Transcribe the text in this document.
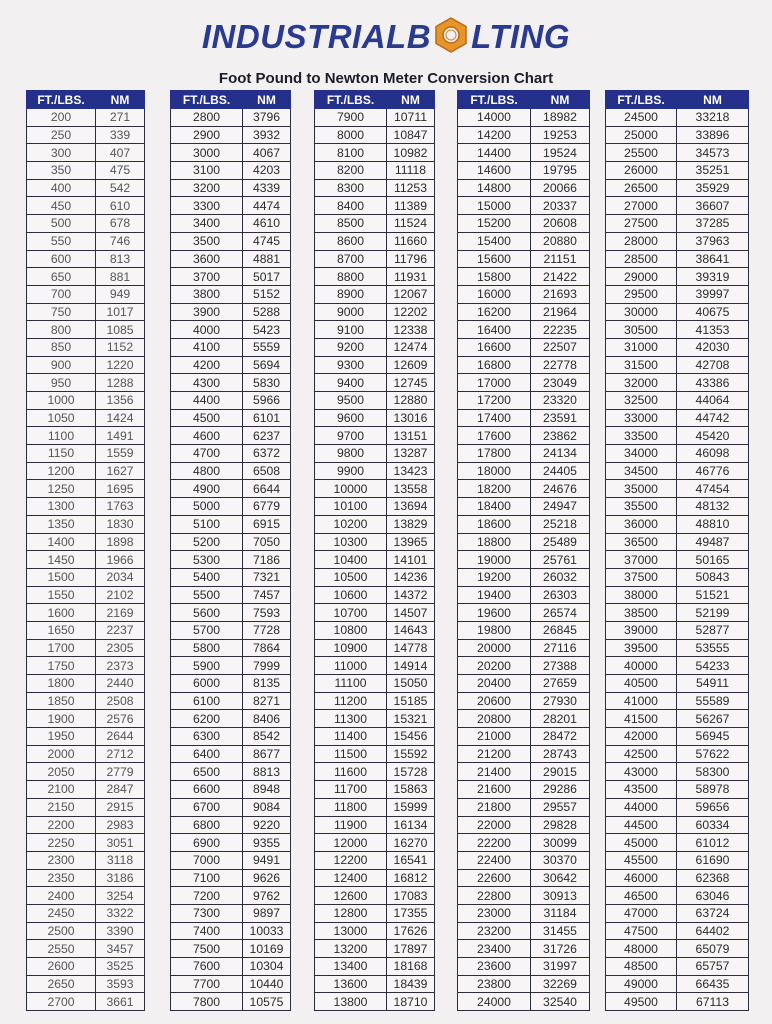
INDUSTRIAL B LTING
Foot Pound to Newton Meter Conversion Chart
FT./LBS.	NM
200	271
250	339
300	407
350	475
400	542
450	610
500	678
550	746
600	813
650	881
700	949
750	1017
800	1085
850	1152
900	1220
950	1288
1000	1356
1050	1424
1100	1491
1150	1559
1200	1627
1250	1695
1300	1763
1350	1830
1400	1898
1450	1966
1500	2034
1550	2102
1600	2169
1650	2237
1700	2305
1750	2373
1800	2440
1850	2508
1900	2576
1950	2644
2000	2712
2050	2779
2100	2847
2150	2915
2200	2983
2250	3051
2300	3118
2350	3186
2400	3254
2450	3322
2500	3390
2550	3457
2600	3525
2650	3593
2700	3661
FT./LBS.	NM
2800	3796
2900	3932
3000	4067
3100	4203
3200	4339
3300	4474
3400	4610
3500	4745
3600	4881
3700	5017
3800	5152
3900	5288
4000	5423
4100	5559
4200	5694
4300	5830
4400	5966
4500	6101
4600	6237
4700	6372
4800	6508
4900	6644
5000	6779
5100	6915
5200	7050
5300	7186
5400	7321
5500	7457
5600	7593
5700	7728
5800	7864
5900	7999
6000	8135
6100	8271
6200	8406
6300	8542
6400	8677
6500	8813
6600	8948
6700	9084
6800	9220
6900	9355
7000	9491
7100	9626
7200	9762
7300	9897
7400	10033
7500	10169
7600	10304
7700	10440
7800	10575
FT./LBS.	NM
7900	10711
8000	10847
8100	10982
8200	11118
8300	11253
8400	11389
8500	11524
8600	11660
8700	11796
8800	11931
8900	12067
9000	12202
9100	12338
9200	12474
9300	12609
9400	12745
9500	12880
9600	13016
9700	13151
9800	13287
9900	13423
10000	13558
10100	13694
10200	13829
10300	13965
10400	14101
10500	14236
10600	14372
10700	14507
10800	14643
10900	14778
11000	14914
11100	15050
11200	15185
11300	15321
11400	15456
11500	15592
11600	15728
11700	15863
11800	15999
11900	16134
12000	16270
12200	16541
12400	16812
12600	17083
12800	17355
13000	17626
13200	17897
13400	18168
13600	18439
13800	18710
FT./LBS.	NM
14000	18982
14200	19253
14400	19524
14600	19795
14800	20066
15000	20337
15200	20608
15400	20880
15600	21151
15800	21422
16000	21693
16200	21964
16400	22235
16600	22507
16800	22778
17000	23049
17200	23320
17400	23591
17600	23862
17800	24134
18000	24405
18200	24676
18400	24947
18600	25218
18800	25489
19000	25761
19200	26032
19400	26303
19600	26574
19800	26845
20000	27116
20200	27388
20400	27659
20600	27930
20800	28201
21000	28472
21200	28743
21400	29015
21600	29286
21800	29557
22000	29828
22200	30099
22400	30370
22600	30642
22800	30913
23000	31184
23200	31455
23400	31726
23600	31997
23800	32269
24000	32540
FT./LBS.	NM
24500	33218
25000	33896
25500	34573
26000	35251
26500	35929
27000	36607
27500	37285
28000	37963
28500	38641
29000	39319
29500	39997
30000	40675
30500	41353
31000	42030
31500	42708
32000	43386
32500	44064
33000	44742
33500	45420
34000	46098
34500	46776
35000	47454
35500	48132
36000	48810
36500	49487
37000	50165
37500	50843
38000	51521
38500	52199
39000	52877
39500	53555
40000	54233
40500	54911
41000	55589
41500	56267
42000	56945
42500	57622
43000	58300
43500	58978
44000	59656
44500	60334
45000	61012
45500	61690
46000	62368
46500	63046
47000	63724
47500	64402
48000	65079
48500	65757
49000	66435
49500	67113
